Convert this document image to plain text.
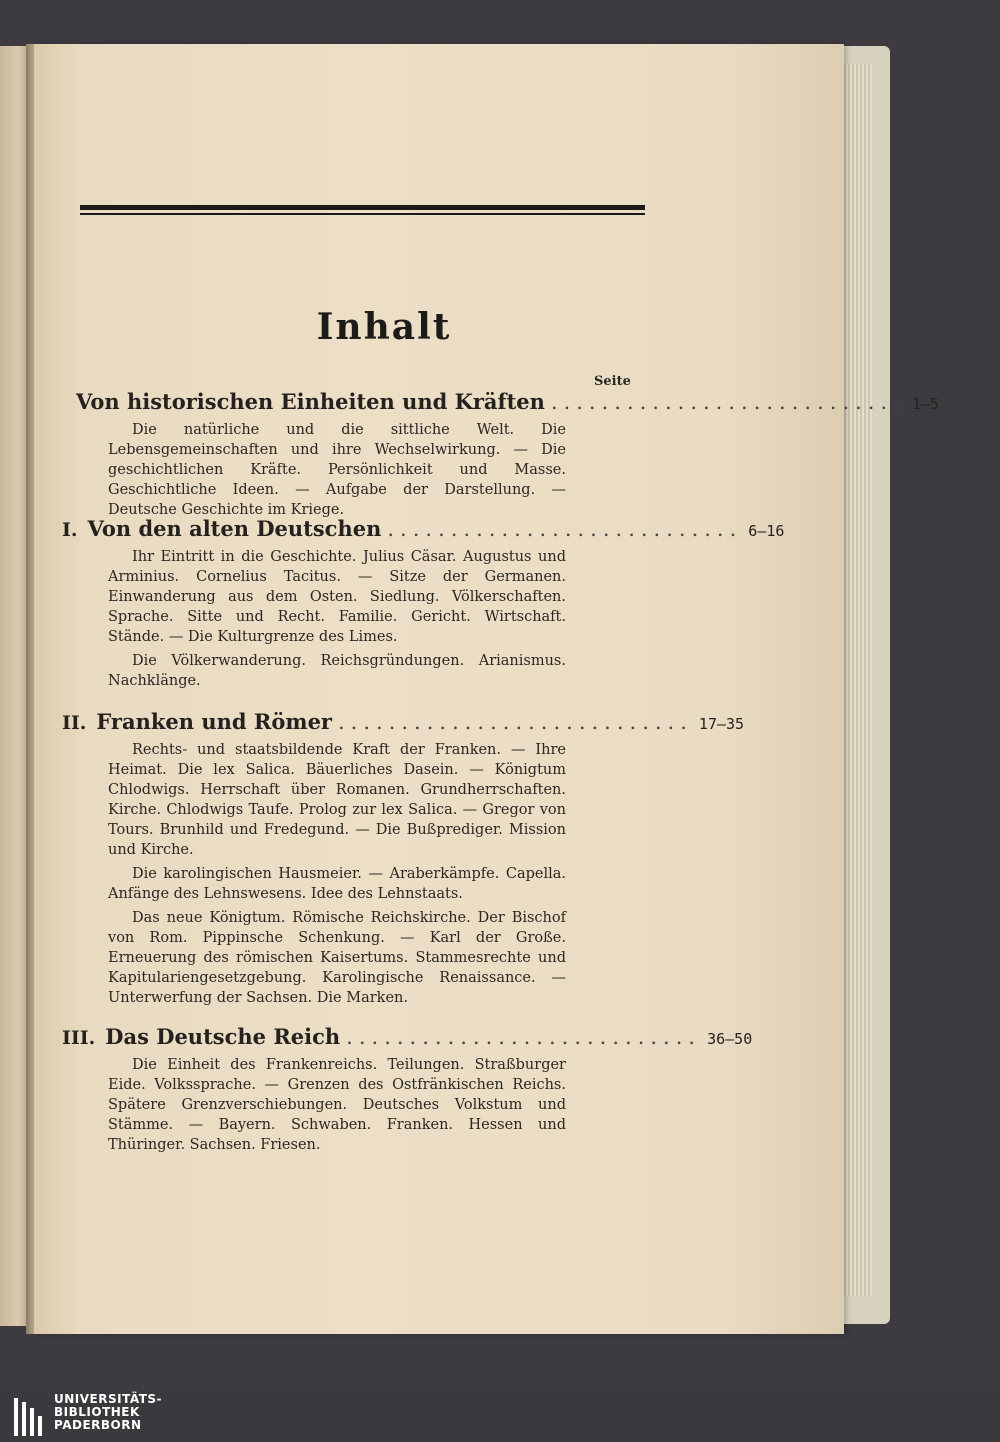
Inhalt
Seite
Von historischen Einheiten und Kräften ............................ 1—5

Die natürliche und die sittliche Welt. Die Lebensgemeinschaften und ihre Wechselwirkung. — Die geschichtlichen Kräfte. Persönlichkeit und Masse. Geschichtliche Ideen. — Aufgabe der Darstellung. — Deutsche Geschichte im Kriege.

I. Von den alten Deutschen ............................ 6—16

Ihr Eintritt in die Geschichte. Julius Cäsar. Augustus und Arminius. Cornelius Tacitus. — Sitze der Germanen. Einwanderung aus dem Osten. Siedlung. Völkerschaften. Sprache. Sitte und Recht. Familie. Gericht. Wirtschaft. Stände. — Die Kulturgrenze des Limes.

Die Völkerwanderung. Reichsgründungen. Arianismus. Nachklänge.

II. Franken und Römer ............................ 17—35

Rechts- und staatsbildende Kraft der Franken. — Ihre Heimat. Die lex Salica. Bäuerliches Dasein. — Königtum Chlodwigs. Herrschaft über Romanen. Grundherrschaften. Kirche. Chlodwigs Taufe. Prolog zur lex Salica. — Gregor von Tours. Brunhild und Fredegund. — Die Bußprediger. Mission und Kirche.

Die karolingischen Hausmeier. — Araberkämpfe. Capella. Anfänge des Lehnswesens. Idee des Lehnstaats.

Das neue Königtum. Römische Reichskirche. Der Bischof von Rom. Pippinsche Schenkung. — Karl der Große. Erneuerung des römischen Kaisertums. Stammesrechte und Kapitulariengesetzgebung. Karolingische Renaissance. — Unterwerfung der Sachsen. Die Marken.

III. Das Deutsche Reich ............................ 36—50

Die Einheit des Frankenreichs. Teilungen. Straßburger Eide. Volkssprache. — Grenzen des Ostfränkischen Reichs. Spätere Grenzverschiebungen. Deutsches Volkstum und Stämme. — Bayern. Schwaben. Franken. Hessen und Thüringer. Sachsen. Friesen.

UNIVERSITÄTS-
BIBLIOTHEK
PADERBORN
